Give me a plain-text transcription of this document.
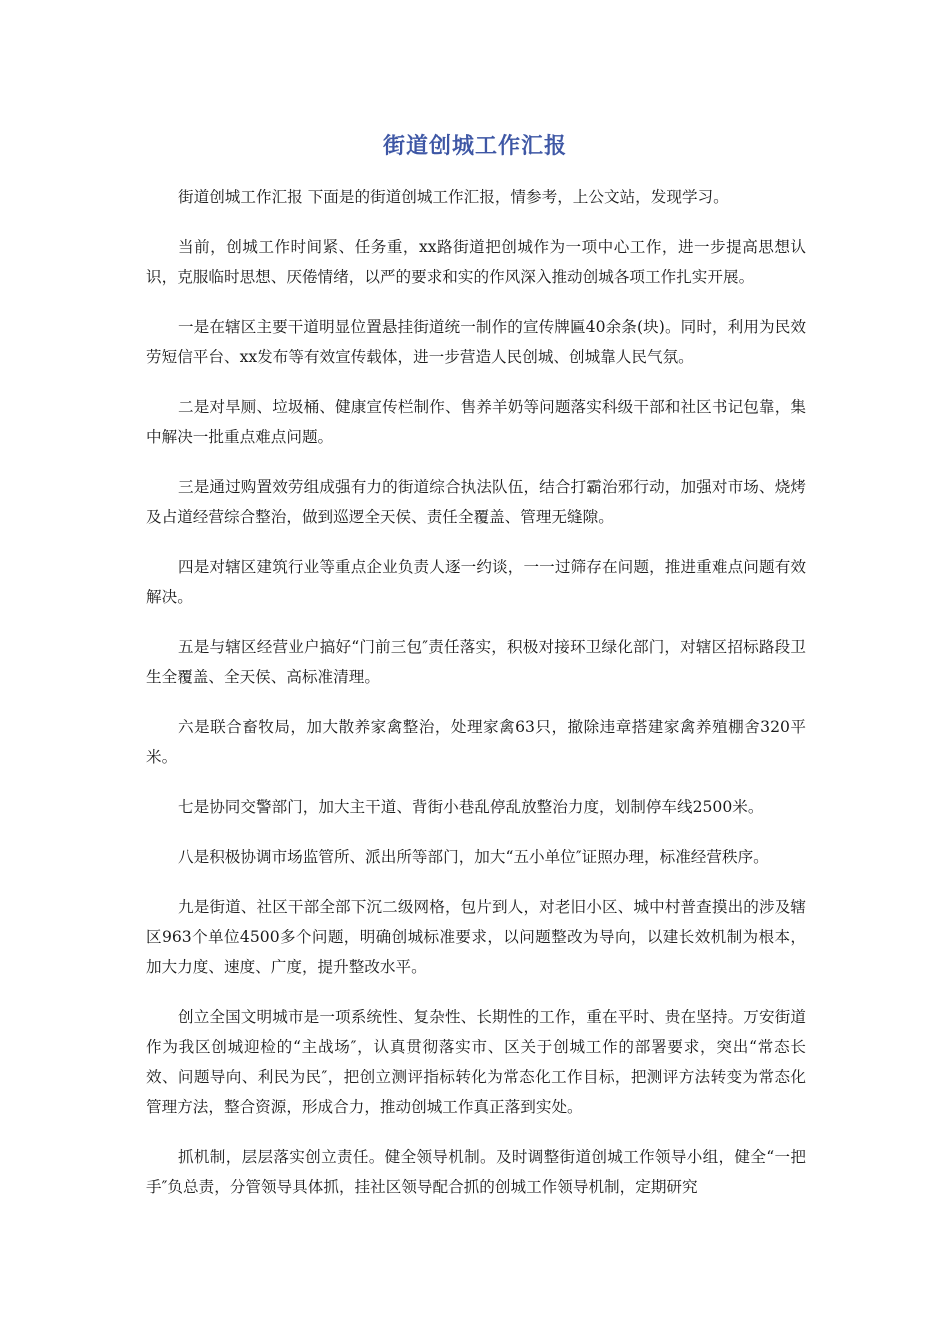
街道创城工作汇报

街道创城工作汇报 下面是的街道创城工作汇报，情参考，上公文站，发现学习。

当前，创城工作时间紧、任务重，xx路街道把创城作为一项中心工作，进一步提高思想认识，克服临时思想、厌倦情绪，以严的要求和实的作风深入推动创城各项工作扎实开展。

一是在辖区主要干道明显位置悬挂街道统一制作的宣传牌匾40余条(块)。同时，利用为民效劳短信平台、xx发布等有效宣传载体，进一步营造人民创城、创城靠人民气氛。

二是对旱厕、垃圾桶、健康宣传栏制作、售养羊奶等问题落实科级干部和社区书记包靠，集中解决一批重点难点问题。

三是通过购置效劳组成强有力的街道综合执法队伍，结合打霸治邪行动，加强对市场、烧烤及占道经营综合整治，做到巡逻全天侯、责任全覆盖、管理无缝隙。

四是对辖区建筑行业等重点企业负责人逐一约谈，一一过筛存在问题，推进重难点问题有效解决。

五是与辖区经营业户搞好“门前三包″责任落实，积极对接环卫绿化部门，对辖区招标路段卫生全覆盖、全天侯、高标准清理。

六是联合畜牧局，加大散养家禽整治，处理家禽63只，撤除违章搭建家禽养殖棚舍320平米。

七是协同交警部门，加大主干道、背街小巷乱停乱放整治力度，划制停车线2500米。

八是积极协调市场监管所、派出所等部门，加大“五小单位″证照办理，标准经营秩序。

九是街道、社区干部全部下沉二级网格，包片到人，对老旧小区、城中村普查摸出的涉及辖区963个单位4500多个问题，明确创城标准要求，以问题整改为导向，以建长效机制为根本，加大力度、速度、广度，提升整改水平。

创立全国文明城市是一项系统性、复杂性、长期性的工作，重在平时、贵在坚持。万安街道作为我区创城迎检的“主战场″，认真贯彻落实市、区关于创城工作的部署要求，突出“常态长效、问题导向、利民为民″，把创立测评指标转化为常态化工作目标，把测评方法转变为常态化管理方法，整合资源，形成合力，推动创城工作真正落到实处。

抓机制，层层落实创立责任。健全领导机制。及时调整街道创城工作领导小组，健全“一把手″负总责，分管领导具体抓，挂社区领导配合抓的创城工作领导机制，定期研究
